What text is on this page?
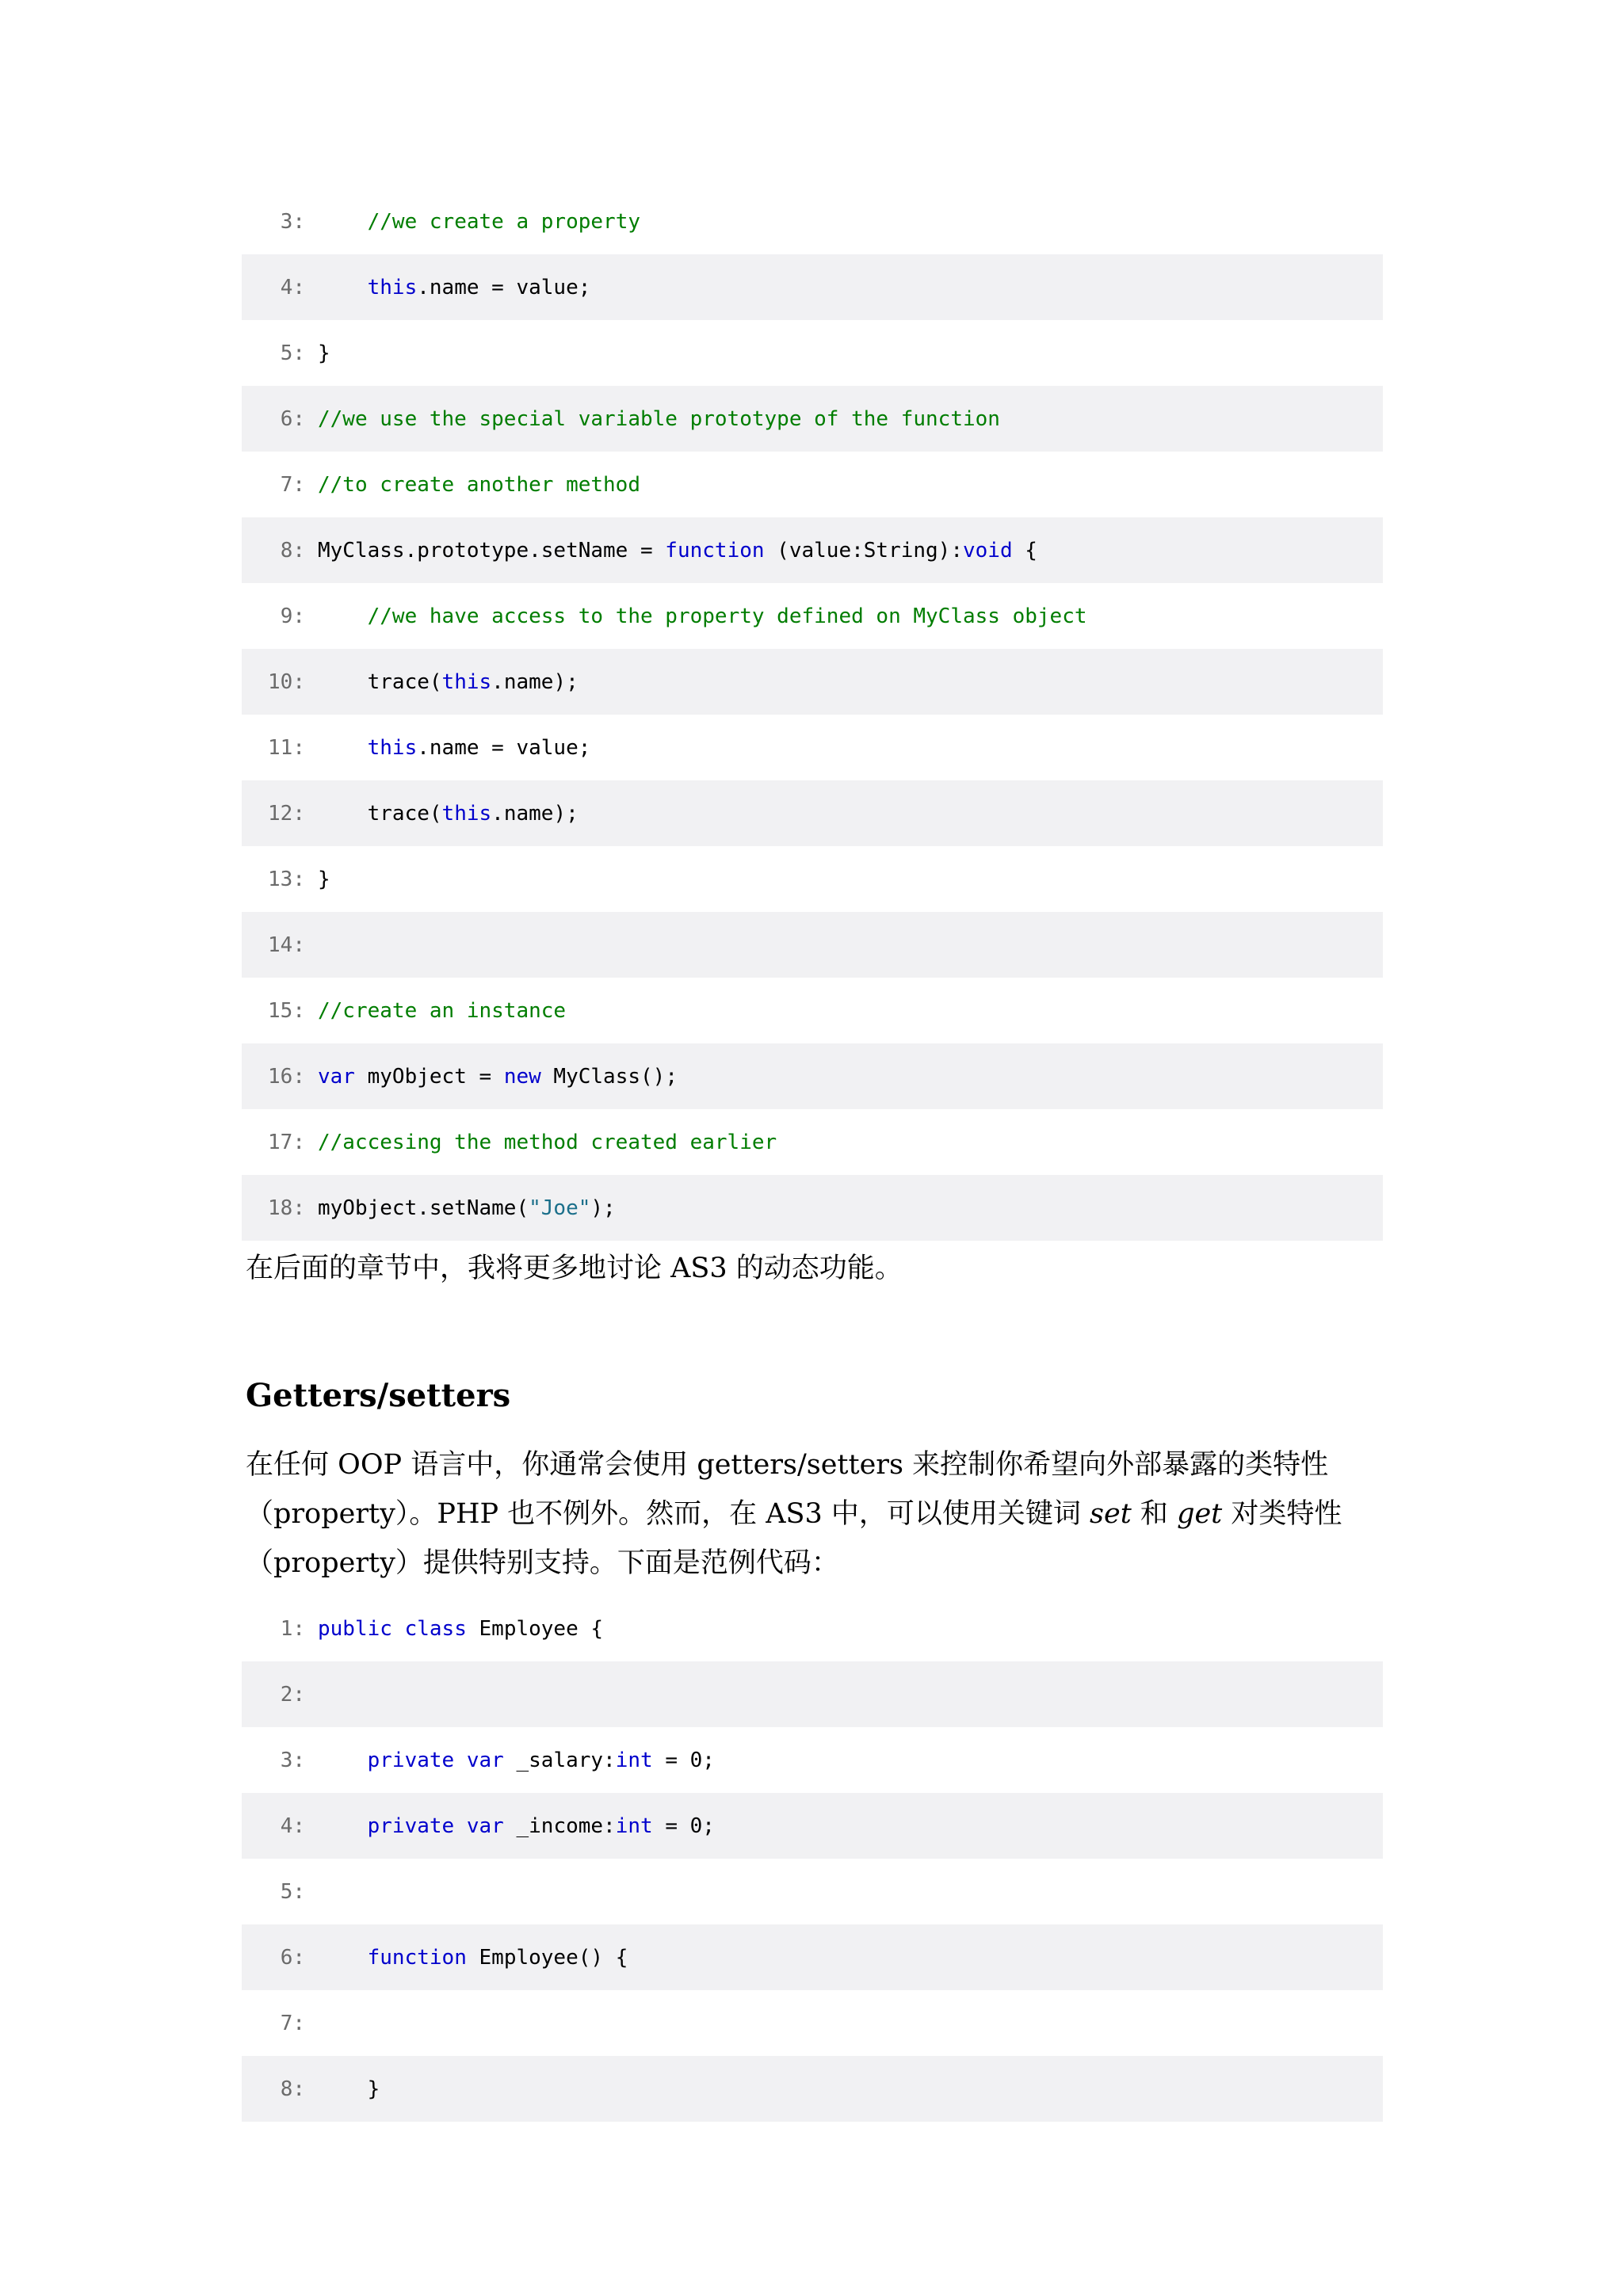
3:	//we create a property
4:	this.name = value;
5: }
6: //we use the special variable prototype of the function
7: //to create another method
8: MyClass.prototype.setName = function (value:String):void {
9:	//we have access to the property defined on MyClass object
10:	trace(this.name);
11:	this.name = value;
12:	trace(this.name);
13: }
14:
15: //create an instance
16: var myObject = new MyClass();
17: //accesing the method created earlier
18: myObject.setName("Joe");

在后面的章节中，我将更多地讨论 AS3 的动态功能。

Getters/setters

在任何 OOP 语言中，你通常会使用 getters/setters 来控制你希望向外部暴露的类特性
（property）。PHP 也不例外。然而，在 AS3 中，可以使用关键词 set 和 get 对类特性
（property）提供特别支持。下面是范例代码：

1: public class Employee {
2:
3:	private var _salary:int = 0;
4:	private var _income:int = 0;
5:
6:	function Employee() {
7:
8:	}
